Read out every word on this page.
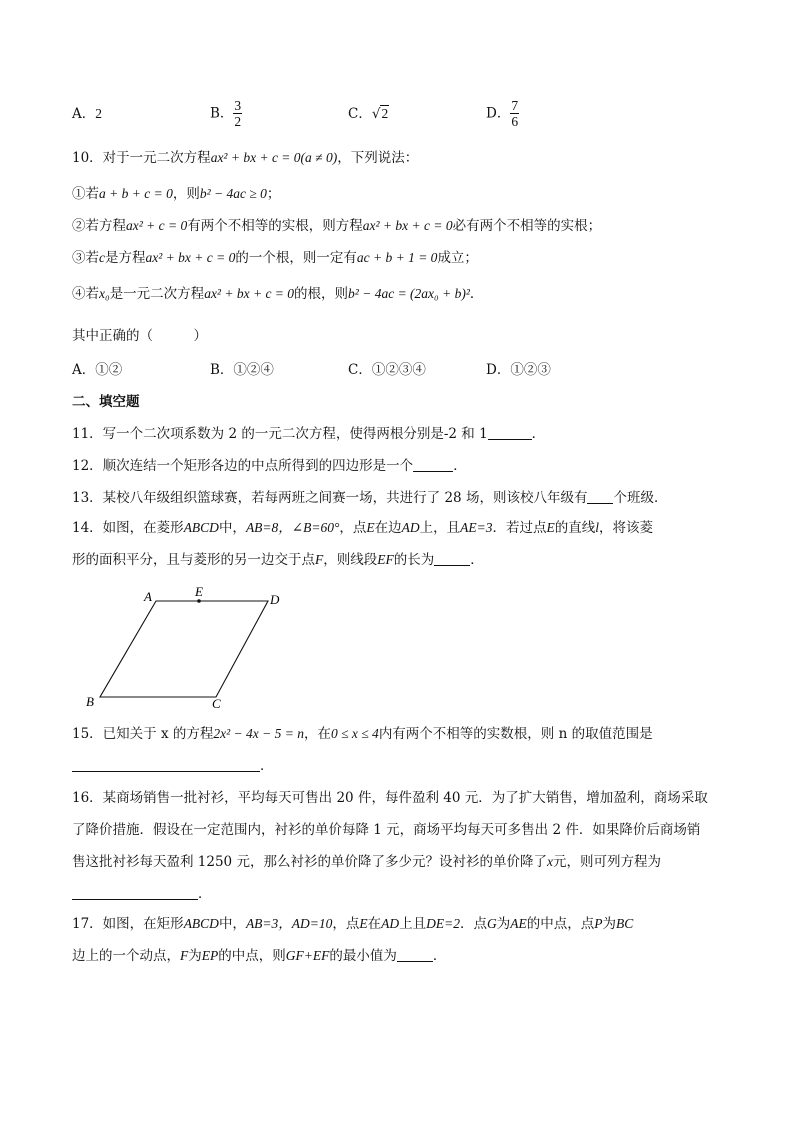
A．2	B． $\frac{3}{2}$	C．√2	D． $\frac{7}{6}$
10．对于一元二次方程ax² + bx + c = 0(a ≠ 0)，下列说法：
①若a + b + c = 0，则b² − 4ac ≥ 0；
②若方程ax² + c = 0有两个不相等的实根，则方程ax² + bx + c = 0必有两个不相等的实根；
③若c是方程ax² + bx + c = 0的一个根，则一定有ac + b + 1 = 0成立；
④若x₀是一元二次方程ax² + bx + c = 0的根，则b² − 4ac = (2ax₀ + b)²．
其中正确的（　　　）
A．①②	B．①②④	C．①②③④	D．①②③
二、填空题
11．写一个二次项系数为 2 的一元二次方程，使得两根分别是-2 和 1	．
12．顺次连结一个矩形各边的中点所得到的四边形是一个	．
13．某校八年级组织篮球赛，若每两班之间赛一场，共进行了 28 场，则该校八年级有 个班级．
14．如图，在菱形ABCD中，AB=8，∠B=60°，点E在边AD上，且AE=3．若过点E的直线l，将该菱
形的面积平分，且与菱形的另一边交于点F，则线段EF的长为	．
A	E
D
B	C
15．已知关于 x 的方程2x² − 4x − 5 = n，在0 ≤ x ≤ 4内有两个不相等的实数根，则 n 的取值范围是
．
16．某商场销售一批衬衫，平均每天可售出 20 件，每件盈利 40 元．为了扩大销售，增加盈利，商场采取
了降价措施．假设在一定范围内，衬衫的单价每降 1 元，商场平均每天可多售出 2 件．如果降价后商场销
售这批衬衫每天盈利 1250 元，那么衬衫的单价降了多少元？设衬衫的单价降了x元，则可列方程为
．
17．如图，在矩形ABCD中，AB=3，AD=10，点E在AD上且DE=2．点G为AE的中点，点P为BC
边上的一个动点，F为EP的中点，则GF+EF的最小值为	．
